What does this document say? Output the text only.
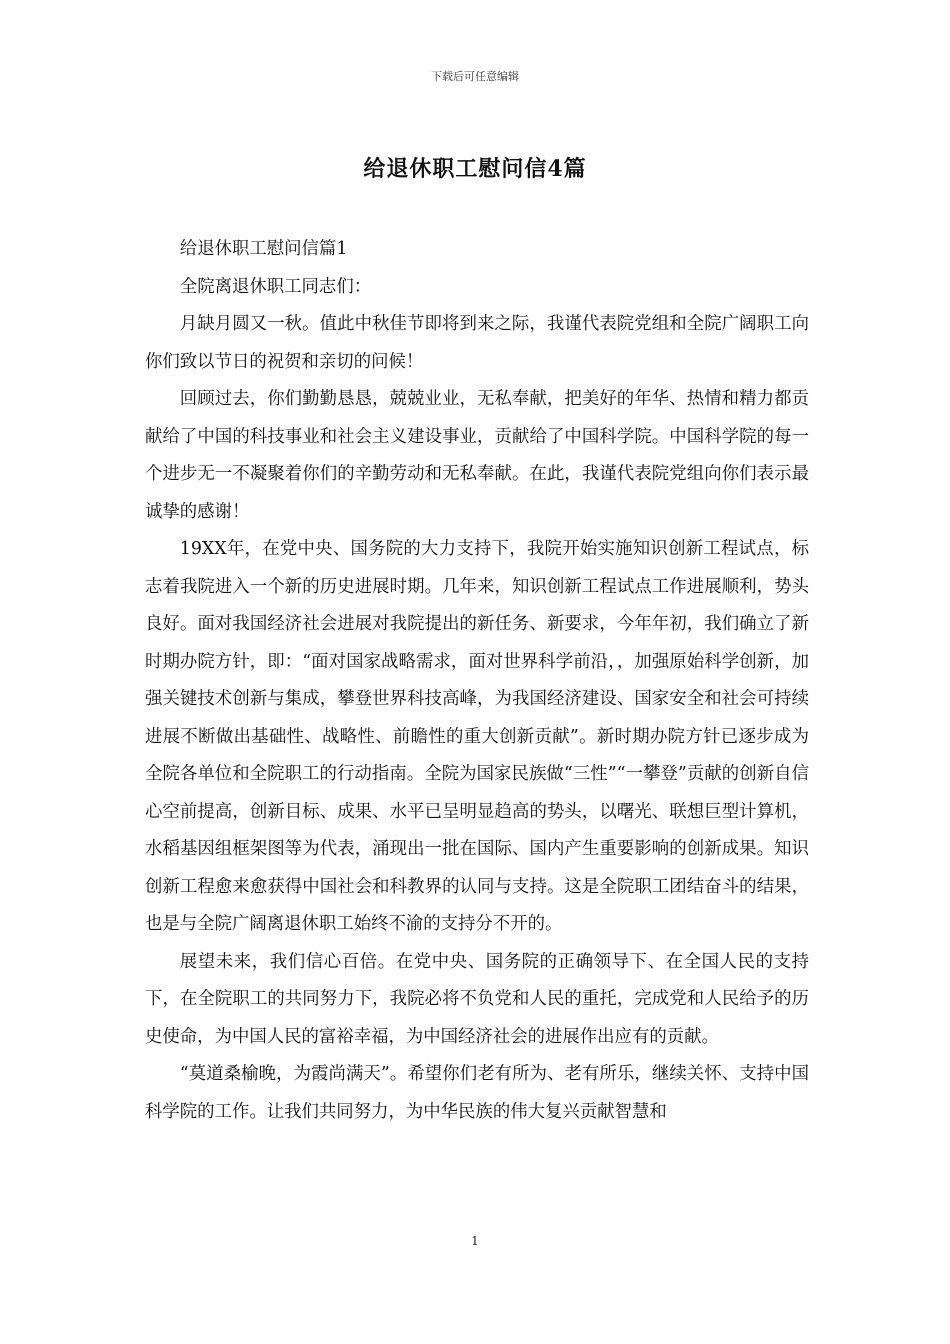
下载后可任意编辑
给退休职工慰问信4篇

给退休职工慰问信篇1

全院离退休职工同志们：

月缺月圆又一秋。值此中秋佳节即将到来之际，我谨代表院党组和全院广阔职工向你们致以节日的祝贺和亲切的问候！

回顾过去，你们勤勤恳恳，兢兢业业，无私奉献，把美好的年华、热情和精力都贡献给了中国的科技事业和社会主义建设事业，贡献给了中国科学院。中国科学院的每一个进步无一不凝聚着你们的辛勤劳动和无私奉献。在此，我谨代表院党组向你们表示最诚挚的感谢！

19XX年，在党中央、国务院的大力支持下，我院开始实施知识创新工程试点，标志着我院进入一个新的历史进展时期。几年来，知识创新工程试点工作进展顺利，势头良好。面对我国经济社会进展对我院提出的新任务、新要求，今年年初，我们确立了新时期办院方针，即：“面对国家战略需求，面对世界科学前沿，，加强原始科学创新，加强关键技术创新与集成，攀登世界科技高峰，为我国经济建设、国家安全和社会可持续进展不断做出基础性、战略性、前瞻性的重大创新贡献”。新时期办院方针已逐步成为全院各单位和全院职工的行动指南。全院为国家民族做“三性”“一攀登”贡献的创新自信心空前提高，创新目标、成果、水平已呈明显趋高的势头，以曙光、联想巨型计算机，水稻基因组框架图等为代表，涌现出一批在国际、国内产生重要影响的创新成果。知识创新工程愈来愈获得中国社会和科教界的认同与支持。这是全院职工团结奋斗的结果，也是与全院广阔离退休职工始终不渝的支持分不开的。

展望未来，我们信心百倍。在党中央、国务院的正确领导下、在全国人民的支持下，在全院职工的共同努力下，我院必将不负党和人民的重托，完成党和人民给予的历史使命，为中国人民的富裕幸福，为中国经济社会的进展作出应有的贡献。

“莫道桑榆晚，为霞尚满天”。希望你们老有所为、老有所乐，继续关怀、支持中国科学院的工作。让我们共同努力，为中华民族的伟大复兴贡献智慧和

1
